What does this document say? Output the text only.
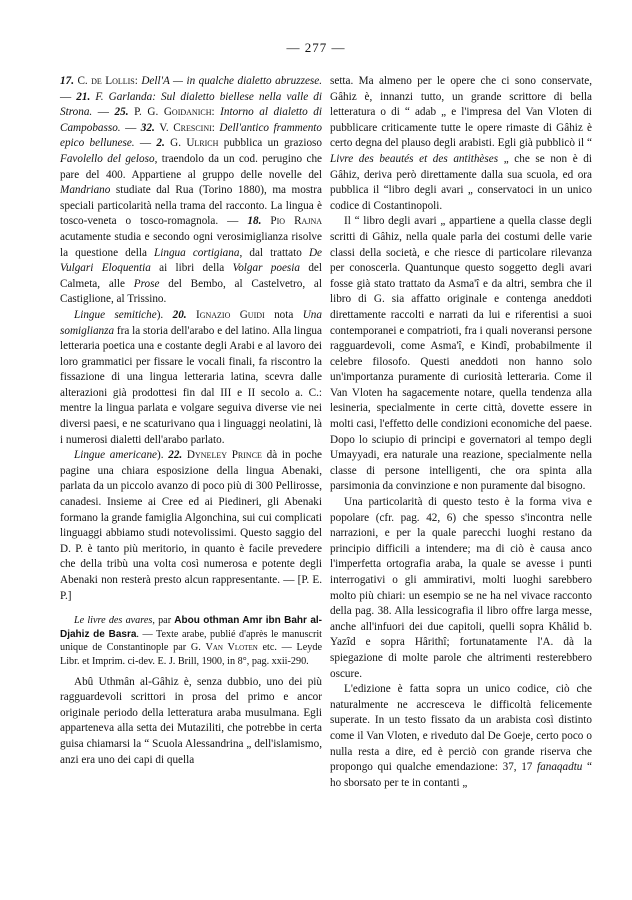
— 277 —

17. C. de Lollis: Dell'A — in qualche dialetto abruzzese. — 21. F. Garlanda: Sul dialetto biellese nella valle di Strona. — 25. P. G. Goidanich: Intorno al dialetto di Campobasso. — 32. V. Crescini: Dell'antico frammento epico bellunese. — 2. G. Ulrich pubblica un grazioso Favolello del geloso, traendolo da un cod. perugino che pare del 400. Appartiene al gruppo delle novelle del Mandriano studiate dal Rua (Torino 1880), ma mostra speciali particolarità nella trama del racconto. La lingua è tosco-veneta o tosco-romagnola. — 18. Pio Rajna acutamente studia e secondo ogni verosimiglianza risolve la questione della Lingua cortigiana, dal trattato De Vulgari Eloquentia ai libri della Volgar poesia del Calmeta, alle Prose del Bembo, al Castelvetro, al Castiglione, al Trissino.

Lingue semitiche). 20. Ignazio Guidi nota Una somiglianza fra la storia dell'arabo e del latino. Alla lingua letteraria poetica una e costante degli Arabi e al lavoro dei loro grammatici per fissare le vocali finali, fa riscontro la fissazione di una lingua letteraria latina, scevra dalle alterazioni già prodottesi fin dal III e II secolo a. C.: mentre la lingua parlata e volgare seguiva diverse vie nei diversi paesi, e ne scaturivano qua i linguaggi neolatini, là i numerosi dialetti dell'arabo parlato.

Lingue americane). 22. Dyneley Prince dà in poche pagine una chiara esposizione della lingua Abenaki, parlata da un piccolo avanzo di poco più di 300 Pellirosse, canadesi. Insieme ai Cree ed ai Piedineri, gli Abenaki formano la grande famiglia Algonchina, sui cui complicati linguaggi abbiamo studi notevolissimi. Questo saggio del D. P. è tanto più meritorio, in quanto è facile prevedere che della tribù una volta così numerosa e potente degli Abenaki non resterà presto alcun rappresentante. — [P. E. P.]

Le livre des avares, par Abou othman Amr ibn Bahr al- Djahiz de Basra. — Texte arabe, publié d'après le manuscrit unique de Constantinople par G. Van Vloten etc. — Leyde Libr. et Imprim. ci-dev. E. J. Brill, 1900, in 8°, pag. xxii-290.

Abû Uthmân al-Gâhiz è, senza dubbio, uno dei più ragguardevoli scrittori in prosa del primo e ancor originale periodo della letteratura araba musulmana. Egli apparteneva alla setta dei Mutaziliti, che potrebbe in certa guisa chiamarsi la “ Scuola Alessandrina „ dell'islamismo, anzi era uno dei capi di quella

setta. Ma almeno per le opere che ci sono conservate, Gâhiz è, innanzi tutto, un grande scrittore di bella letteratura o di “ adab „ e l'impresa del Van Vloten di pubblicare criticamente tutte le opere rimaste di Gâhiz è certo degna del plauso degli arabisti. Egli già pubblicò il “ Livre des beautés et des antithèses „ che se non è di Gâhiz, deriva però direttamente dalla sua scuola, ed ora pubblica il “libro degli avari „ conservatoci in un unico codice di Costantinopoli.

Il “ libro degli avari „ appartiene a quella classe degli scritti di Gâhiz, nella quale parla dei costumi delle varie classi della società, e che riesce di particolare rilevanza per conoscerla. Quantunque questo soggetto degli avari fosse già stato trattato da Asma'î e da altri, sembra che il libro di G. sia affatto originale e contenga aneddoti direttamente raccolti e narrati da lui e riferentisi a suoi contemporanei e compatrioti, fra i quali noveransi persone ragguardevoli, come Asma'î, e Kindî, probabilmente il celebre filosofo. Questi aneddoti non hanno solo un'importanza puramente di curiosità letteraria. Come il Van Vloten ha sagacemente notare, quella tendenza alla lesineria, specialmente in certe città, dovette essere in molti casi, l'effetto delle condizioni economiche del paese. Dopo lo sciupio di principi e governatori al tempo degli Umayyadi, era naturale una reazione, specialmente nella classe di persone intelligenti, che ora spinta alla parsimonia da convinzione e non puramente dal bisogno.

Una particolarità di questo testo è la forma viva e popolare (cfr. pag. 42, 6) che spesso s'incontra nelle narrazioni, e per la quale parecchi luoghi restano da principio difficili a intendere; ma di ciò è causa anco l'imperfetta ortografia araba, la quale se avesse i punti interrogativi o gli ammirativi, molti luoghi sarebbero molto più chiari: un esempio se ne ha nel vivace racconto della pag. 38. Alla lessicografia il libro offre larga messe, anche all'infuori dei due capitoli, quelli sopra Khâlid b. Yazîd e sopra Hârithî; fortunatamente l'A. dà la spiegazione di molte parole che altrimenti resterebbero oscure.

L'edizione è fatta sopra un unico codice, ciò che naturalmente ne accresceva le difficoltà felicemente superate. In un testo fissato da un arabista così distinto come il Van Vloten, e riveduto dal De Goeje, certo poco o nulla resta a dire, ed è perciò con grande riserva che propongo qui qualche emendazione: 37, 17 fanaqadtu “ ho sborsato per te in contanti „
